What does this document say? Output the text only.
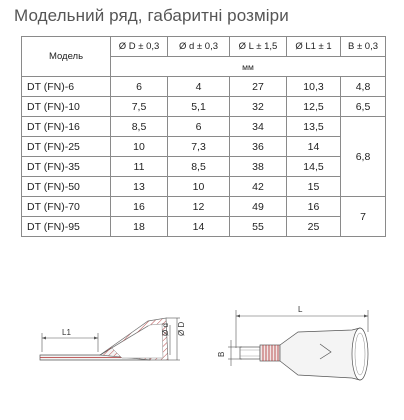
Модельний ряд, габаритні розміри
Модель	Ø D ± 0,3	Ø d ± 0,3	Ø L ± 1,5	Ø L1 ± 1	B ± 0,3
	мм				
DT (FN)-6	6	4	27	10,3	4,8
DT (FN)-10	7,5	5,1	32	12,5	6,5
DT (FN)-16	8,5	6	34	13,5	6,8
DT (FN)-25	10	7,3	36	14	
DT (FN)-35	11	8,5	38	14,5	
DT (FN)-50	13	10	42	15	
DT (FN)-70	16	12	49	16	7
DT (FN)-95	18	14	55	25	
L1	Ø D
Ø d
L
B
